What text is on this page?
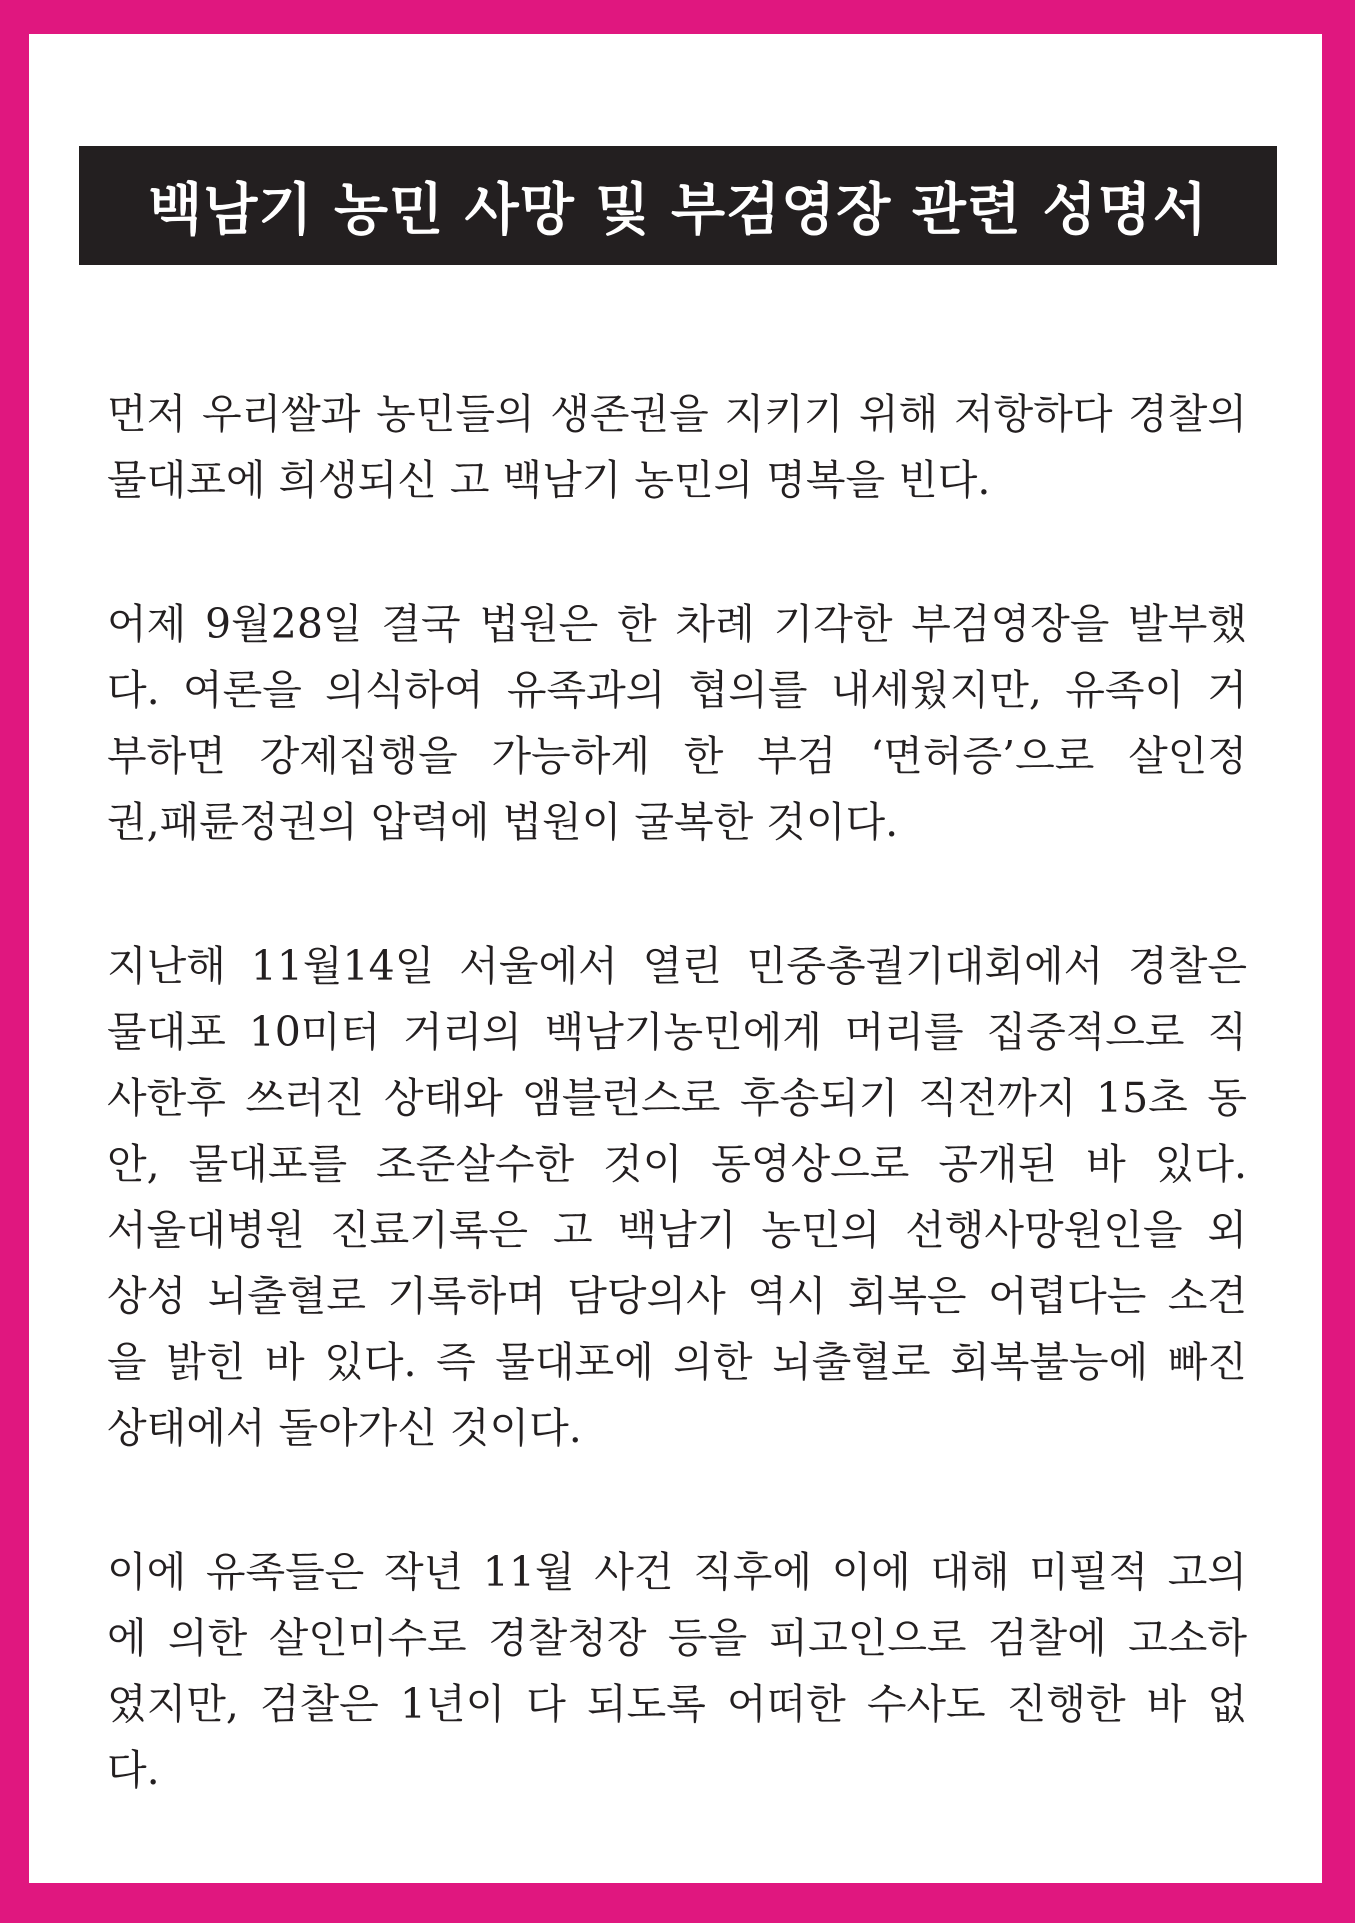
백남기 농민 사망 및 부검영장 관련 성명서

먼저 우리쌀과 농민들의 생존권을 지키기 위해 저항하다 경찰의
물대포에 희생되신 고 백남기 농민의 명복을 빈다.

어제 9월28일 결국 법원은 한 차례 기각한 부검영장을 발부했
다. 여론을 의식하여 유족과의 협의를 내세웠지만, 유족이 거
부하면 강제집행을 가능하게 한 부검 ‘면허증’으로 살인정
권,패륜정권의 압력에 법원이 굴복한 것이다.

지난해 11월14일 서울에서 열린 민중총궐기대회에서 경찰은
물대포 10미터 거리의 백남기농민에게 머리를 집중적으로 직
사한후 쓰러진 상태와 앰블런스로 후송되기 직전까지 15초 동
안, 물대포를 조준살수한 것이 동영상으로 공개된 바 있다.
서울대병원 진료기록은 고 백남기 농민의 선행사망원인을 외
상성 뇌출혈로 기록하며 담당의사 역시 회복은 어렵다는 소견
을 밝힌 바 있다. 즉 물대포에 의한 뇌출혈로 회복불능에 빠진
상태에서 돌아가신 것이다.

이에 유족들은 작년 11월 사건 직후에 이에 대해 미필적 고의
에 의한 살인미수로 경찰청장 등을 피고인으로 검찰에 고소하
였지만, 검찰은 1년이 다 되도록 어떠한 수사도 진행한 바 없
다.
